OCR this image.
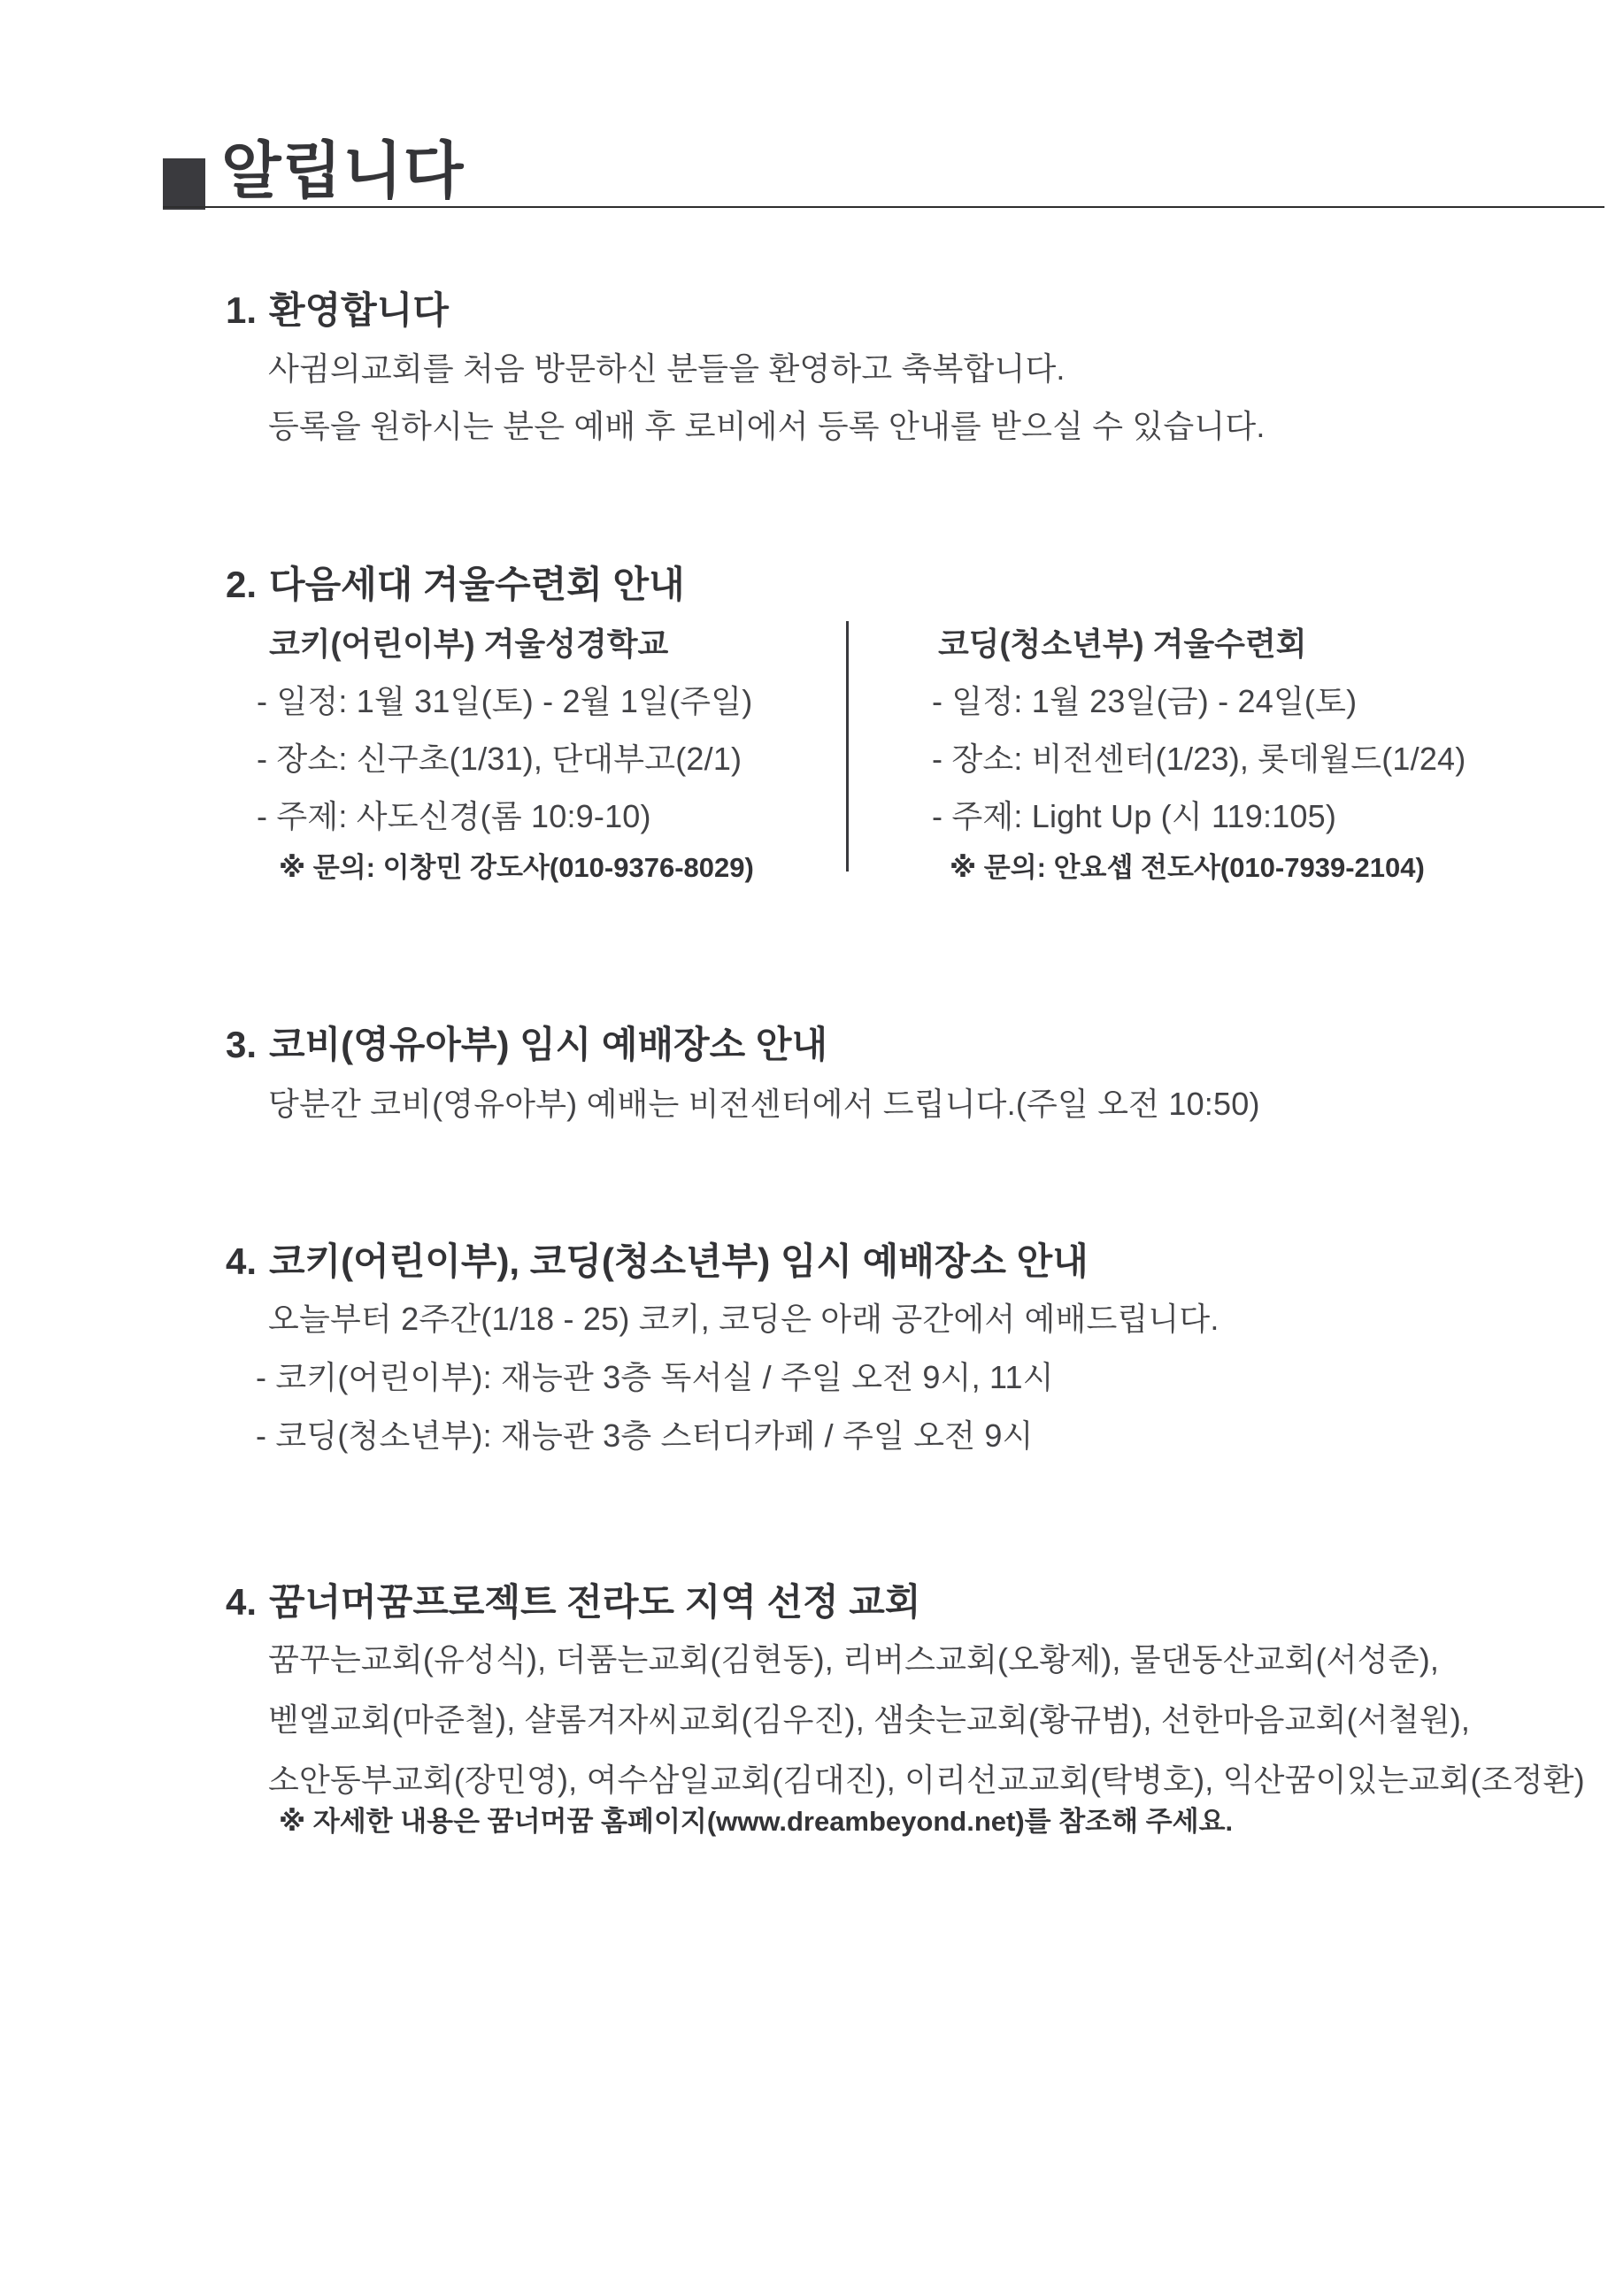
알립니다
1. 환영합니다
사귐의교회를 처음 방문하신 분들을 환영하고 축복합니다.
등록을 원하시는 분은 예배 후 로비에서 등록 안내를 받으실 수 있습니다.
2. 다음세대 겨울수련회 안내
코키(어린이부) 겨울성경학교
- 일정: 1월 31일(토) - 2월 1일(주일)
- 장소: 신구초(1/31), 단대부고(2/1)
- 주제: 사도신경(롬 10:9-10)
※ 문의: 이창민 강도사(010-9376-8029)
코딩(청소년부) 겨울수련회
- 일정: 1월 23일(금) - 24일(토)
- 장소: 비전센터(1/23), 롯데월드(1/24)
- 주제: Light Up (시 119:105)
※ 문의: 안요셉 전도사(010-7939-2104)
3. 코비(영유아부) 임시 예배장소 안내
당분간 코비(영유아부) 예배는 비전센터에서 드립니다.(주일 오전 10:50)
4. 코키(어린이부), 코딩(청소년부) 임시 예배장소 안내
오늘부터 2주간(1/18 - 25) 코키, 코딩은 아래 공간에서 예배드립니다.
- 코키(어린이부): 재능관 3층 독서실 / 주일 오전 9시, 11시
- 코딩(청소년부): 재능관 3층 스터디카페 / 주일 오전 9시
4. 꿈너머꿈프로젝트 전라도 지역 선정 교회
꿈꾸는교회(유성식), 더품는교회(김현동), 리버스교회(오황제), 물댄동산교회(서성준),
벧엘교회(마준철), 샬롬겨자씨교회(김우진), 샘솟는교회(황규범), 선한마음교회(서철원),
소안동부교회(장민영), 여수삼일교회(김대진), 이리선교교회(탁병호), 익산꿈이있는교회(조정환)
※ 자세한 내용은 꿈너머꿈 홈페이지(www.dreambeyond.net)를 참조해 주세요.
